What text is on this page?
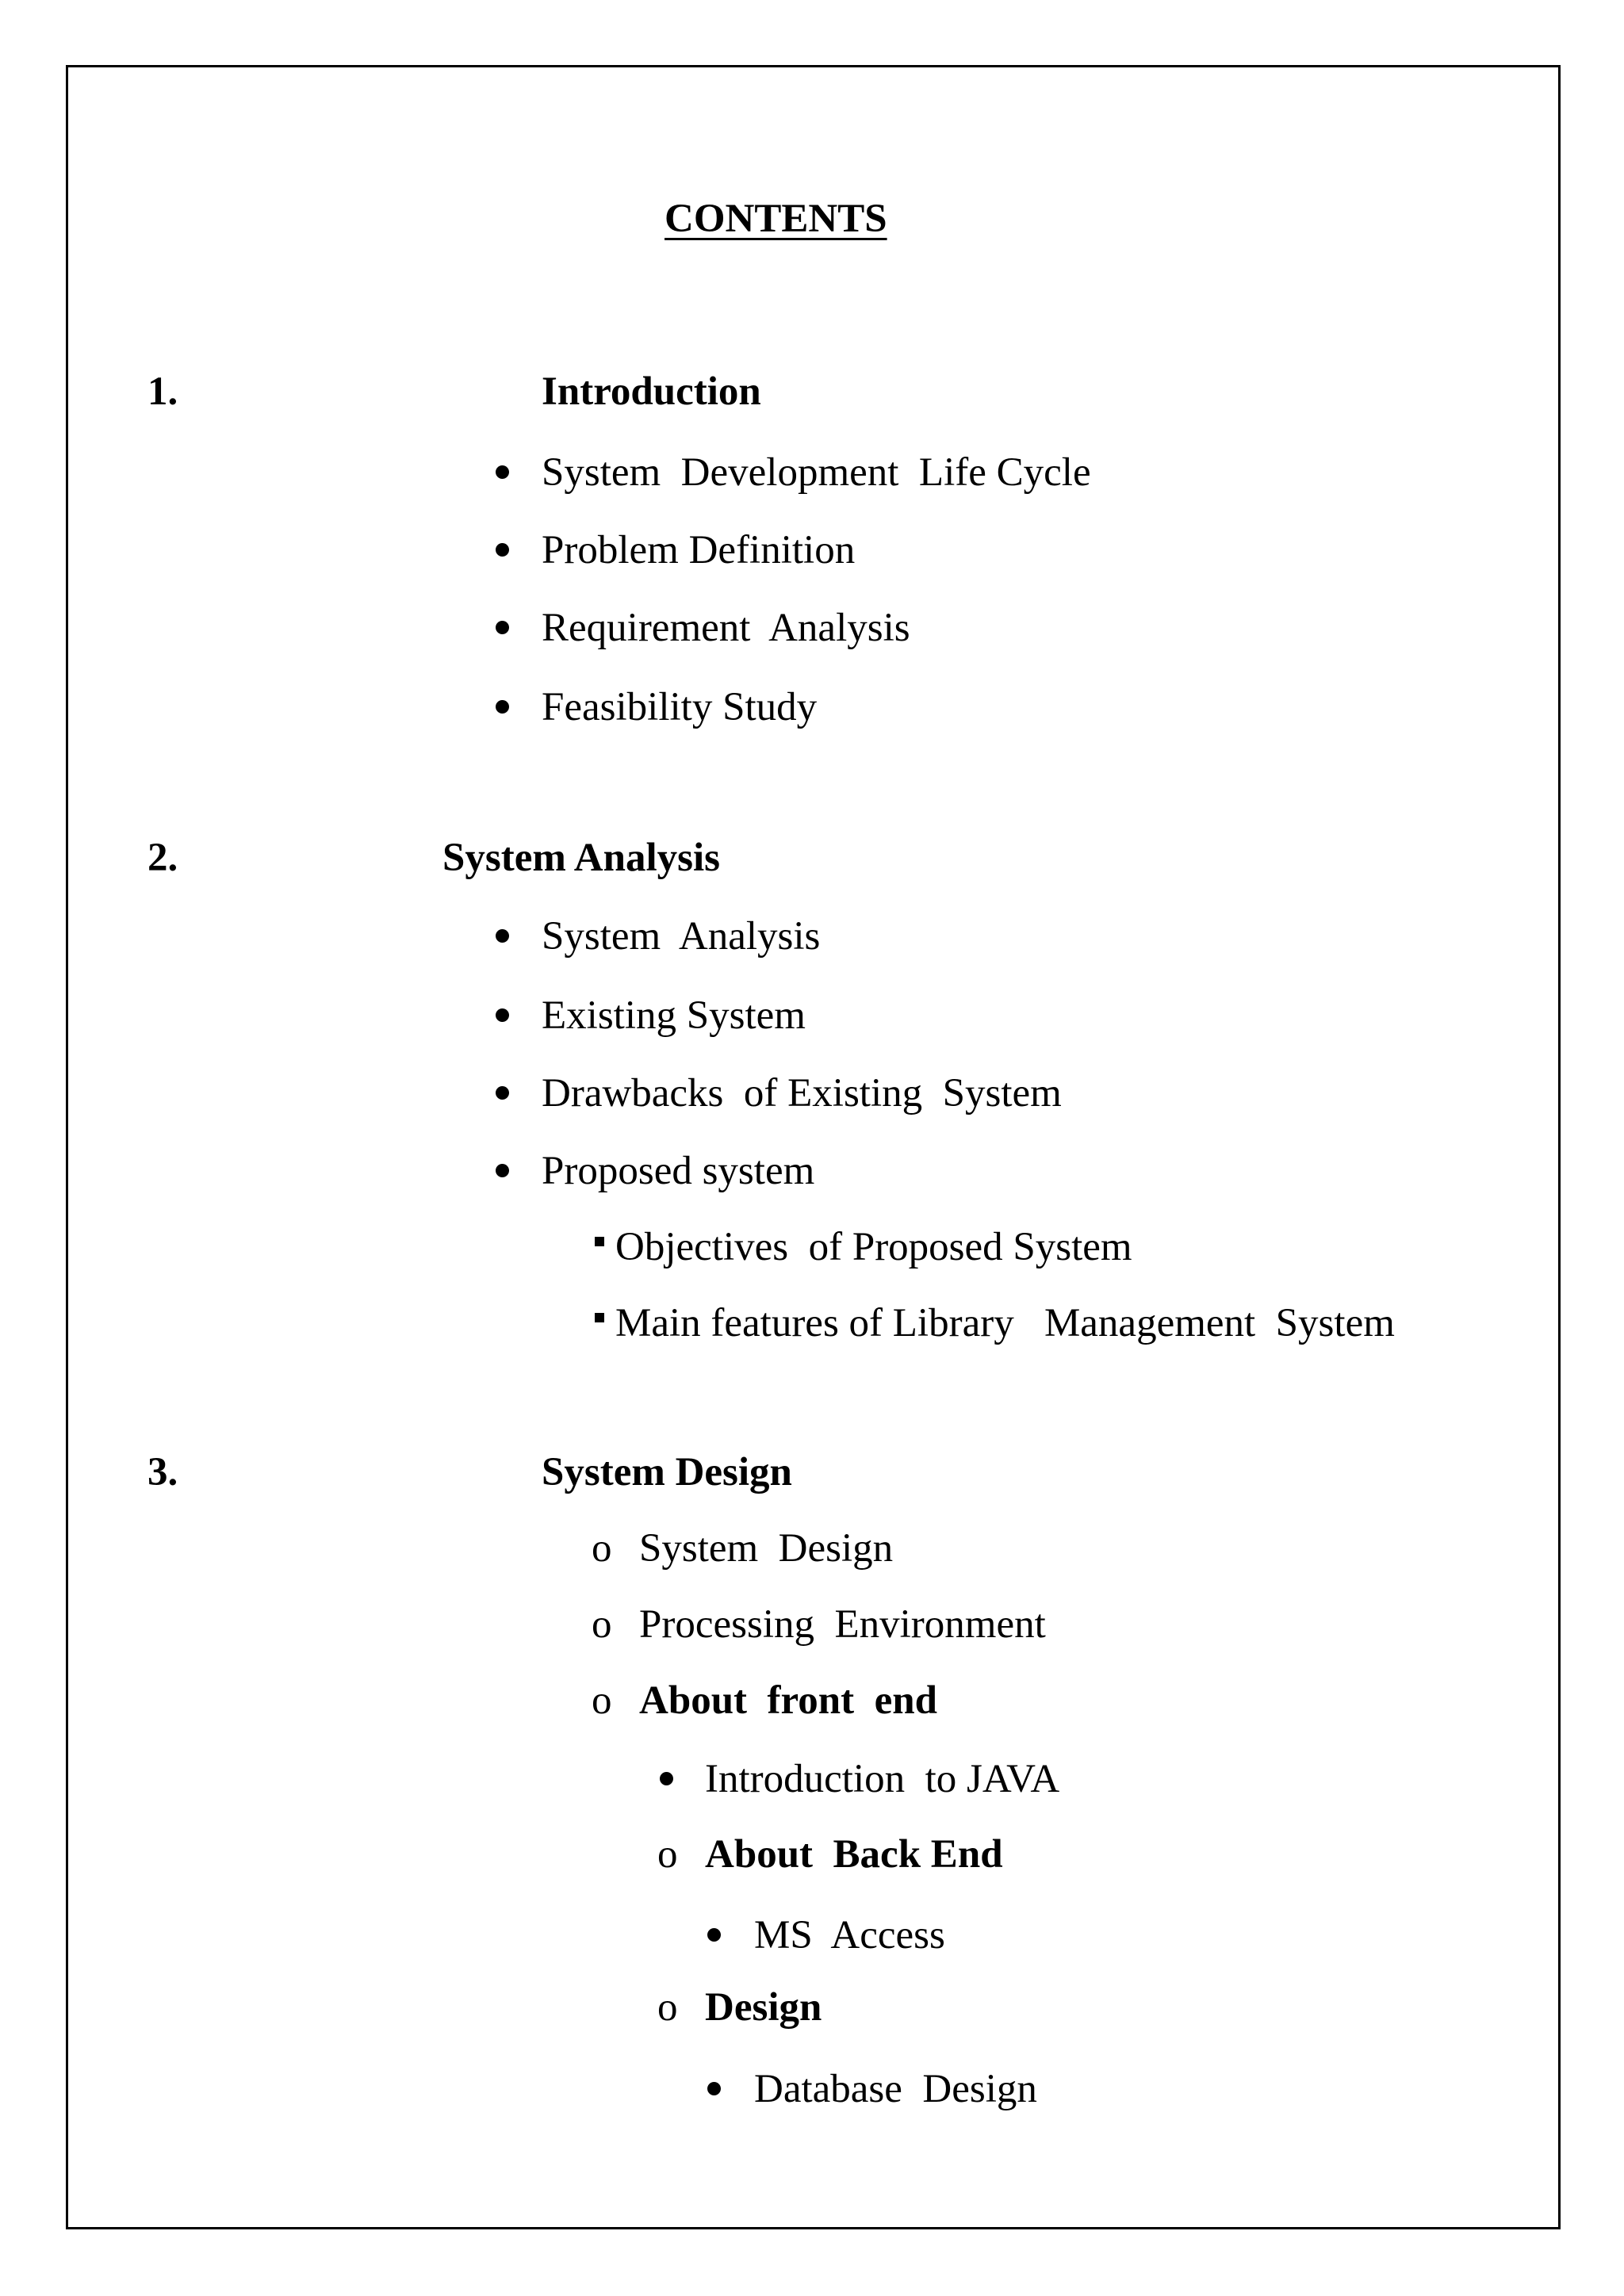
CONTENTS
1.	Introduction
System  Development  Life Cycle
Problem Definition
Requirement  Analysis
Feasibility Study
2.	System Analysis
System  Analysis
Existing System
Drawbacks  of Existing  System
Proposed system
Objectives  of Proposed System
Main features of Library   Management  System
3.	System Design
o System  Design
o Processing  Environment
o About  front  end
Introduction  to JAVA
o About  Back End
MS  Access
o Design
Database  Design
